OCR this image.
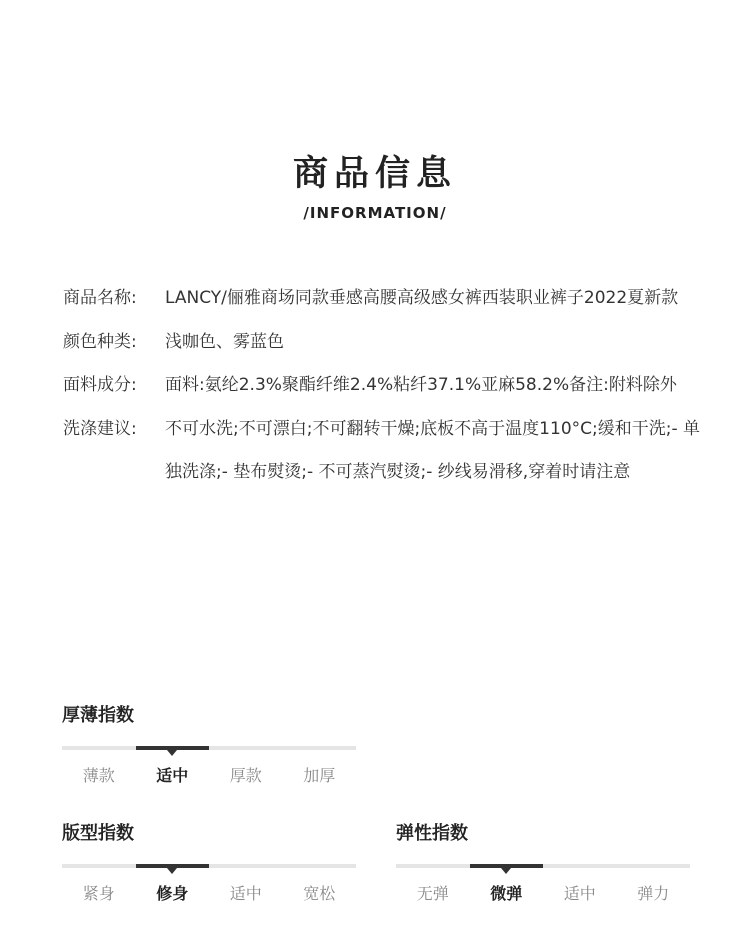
商品信息
/INFORMATION/
商品名称:	LANCY/俪雅商场同款垂感高腰高级感女裤西装职业裤子2022夏新款
颜色种类:	浅咖色、雾蓝色
面料成分:	面料:氨纶2.3%聚酯纤维2.4%粘纤37.1%亚麻58.2%备注:附料除外
洗涤建议:	不可水洗;不可漂白;不可翻转干燥;底板不高于温度110°C;缓和干洗;- 单独洗涤;- 垫布熨烫;- 不可蒸汽熨烫;- 纱线易滑移,穿着时请注意
厚薄指数
薄款	适中	厚款	加厚
版型指数
紧身	修身	适中	宽松
弹性指数
无弹	微弹	适中	弹力
